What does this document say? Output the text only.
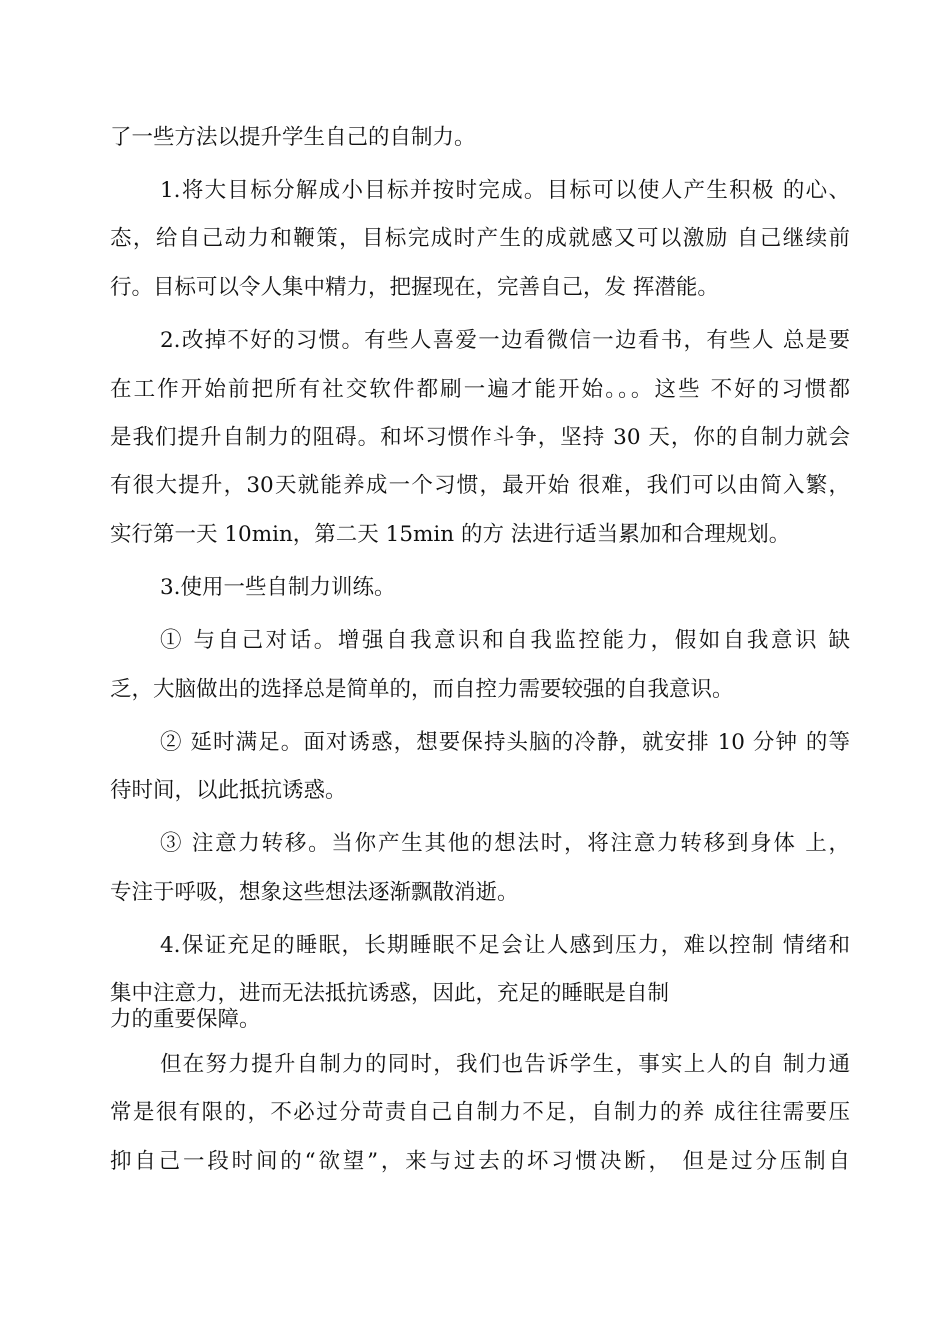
了一些方法以提升学生自己的自制力。
1.将大目标分解成小目标并按时完成。目标可以使人产生积极 的心、
态，给自己动力和鞭策，目标完成时产生的成就感又可以激励 自己继续前
行。目标可以令人集中精力，把握现在，完善自己，发 挥潜能。
2.改掉不好的习惯。有些人喜爱一边看微信一边看书，有些人 总是要
在工作开始前把所有社交软件都刷一遍才能开始。。。这些 不好的习惯都
是我们提升自制力的阻碍。和坏习惯作斗争，坚持 30 天，你的自制力就会
有很大提升，30天就能养成一个习惯，最开始 很难，我们可以由简入繁，
实行第一天 10min，第二天 15min 的方 法进行适当累加和合理规划。
3.使用一些自制力训练。
① 与自己对话。增强自我意识和自我监控能力，假如自我意识 缺
乏，大脑做出的选择总是简单的，而自控力需要较强的自我意识。
② 延时满足。面对诱惑，想要保持头脑的冷静，就安排 10 分钟 的等
待时间，以此抵抗诱惑。
③ 注意力转移。当你产生其他的想法时，将注意力转移到身体 上，
专注于呼吸，想象这些想法逐渐飘散消逝。
4.保证充足的睡眠，长期睡眠不足会让人感到压力，难以控制 情绪和
集中注意力，进而无法抵抗诱惑，因此，充足的睡眠是自制
力的重要保障。
但在努力提升自制力的同时，我们也告诉学生，事实上人的自 制力通
常是很有限的，不必过分苛责自己自制力不足，自制力的养 成往往需要压
抑自己一段时间的“欲望”，来与过去的坏习惯决断， 但是过分压制自
